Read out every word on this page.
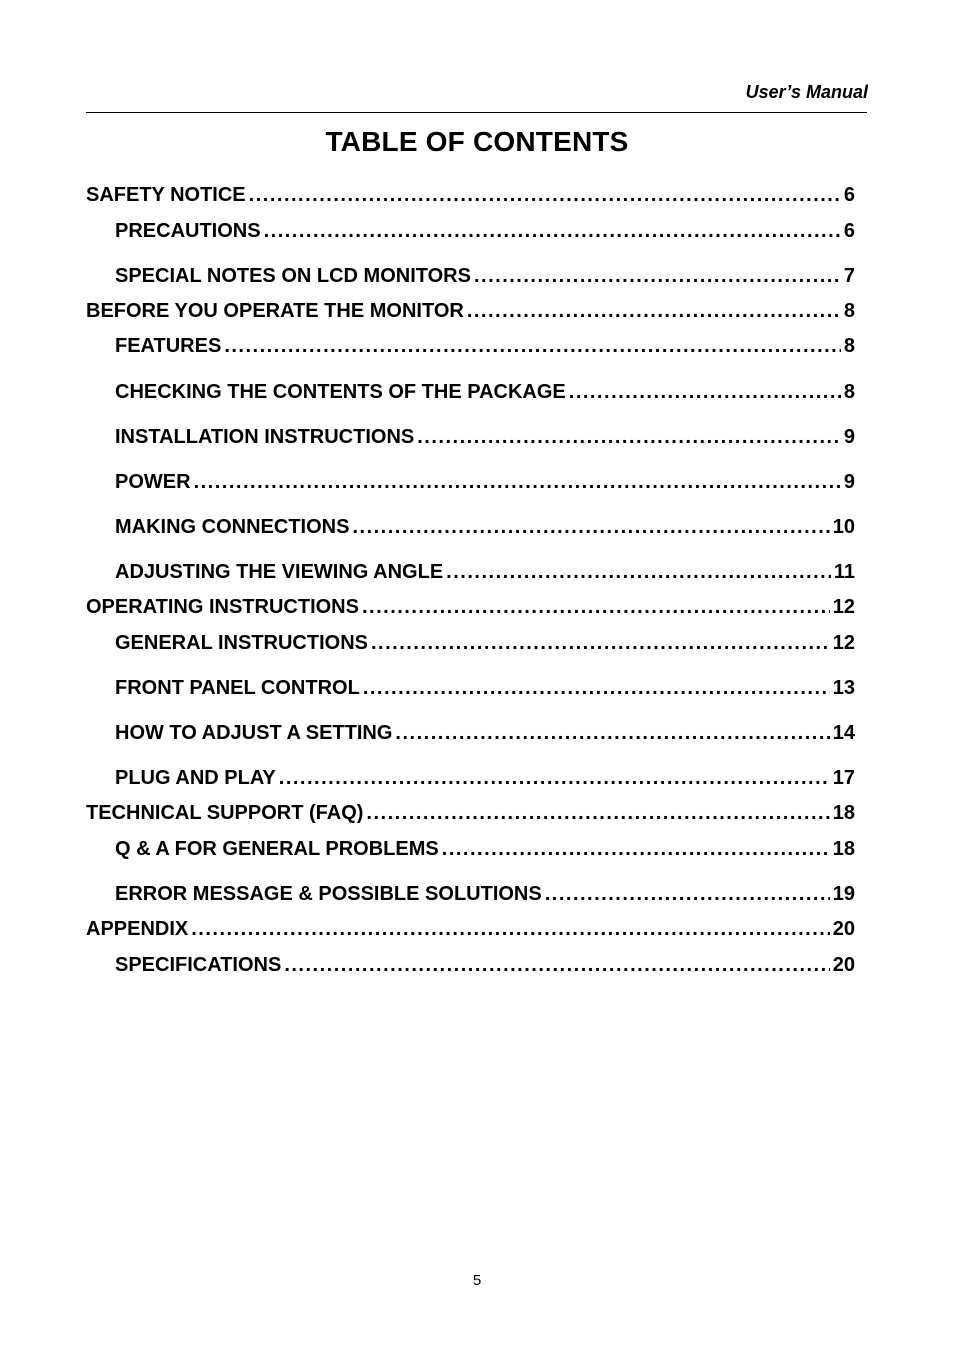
User’s Manual

TABLE OF CONTENTS
SAFETY NOTICE .....	6
PRECAUTIONS .....	6
SPECIAL NOTES ON LCD MONITORS .....	7
BEFORE YOU OPERATE THE MONITOR .....	8
FEATURES .....	8
CHECKING THE CONTENTS OF THE PACKAGE .....	8
INSTALLATION INSTRUCTIONS .....	9
POWER .....	9
MAKING CONNECTIONS .....	10
ADJUSTING THE VIEWING ANGLE .....	11
OPERATING INSTRUCTIONS .....	12
GENERAL INSTRUCTIONS .....	12
FRONT PANEL CONTROL .....	13
HOW TO ADJUST A SETTING .....	14
PLUG AND PLAY .....	17
TECHNICAL SUPPORT (FAQ) .....	18
Q & A FOR GENERAL PROBLEMS .....	18
ERROR MESSAGE & POSSIBLE SOLUTIONS .....	19
APPENDIX .....	20
SPECIFICATIONS .....	20

5
